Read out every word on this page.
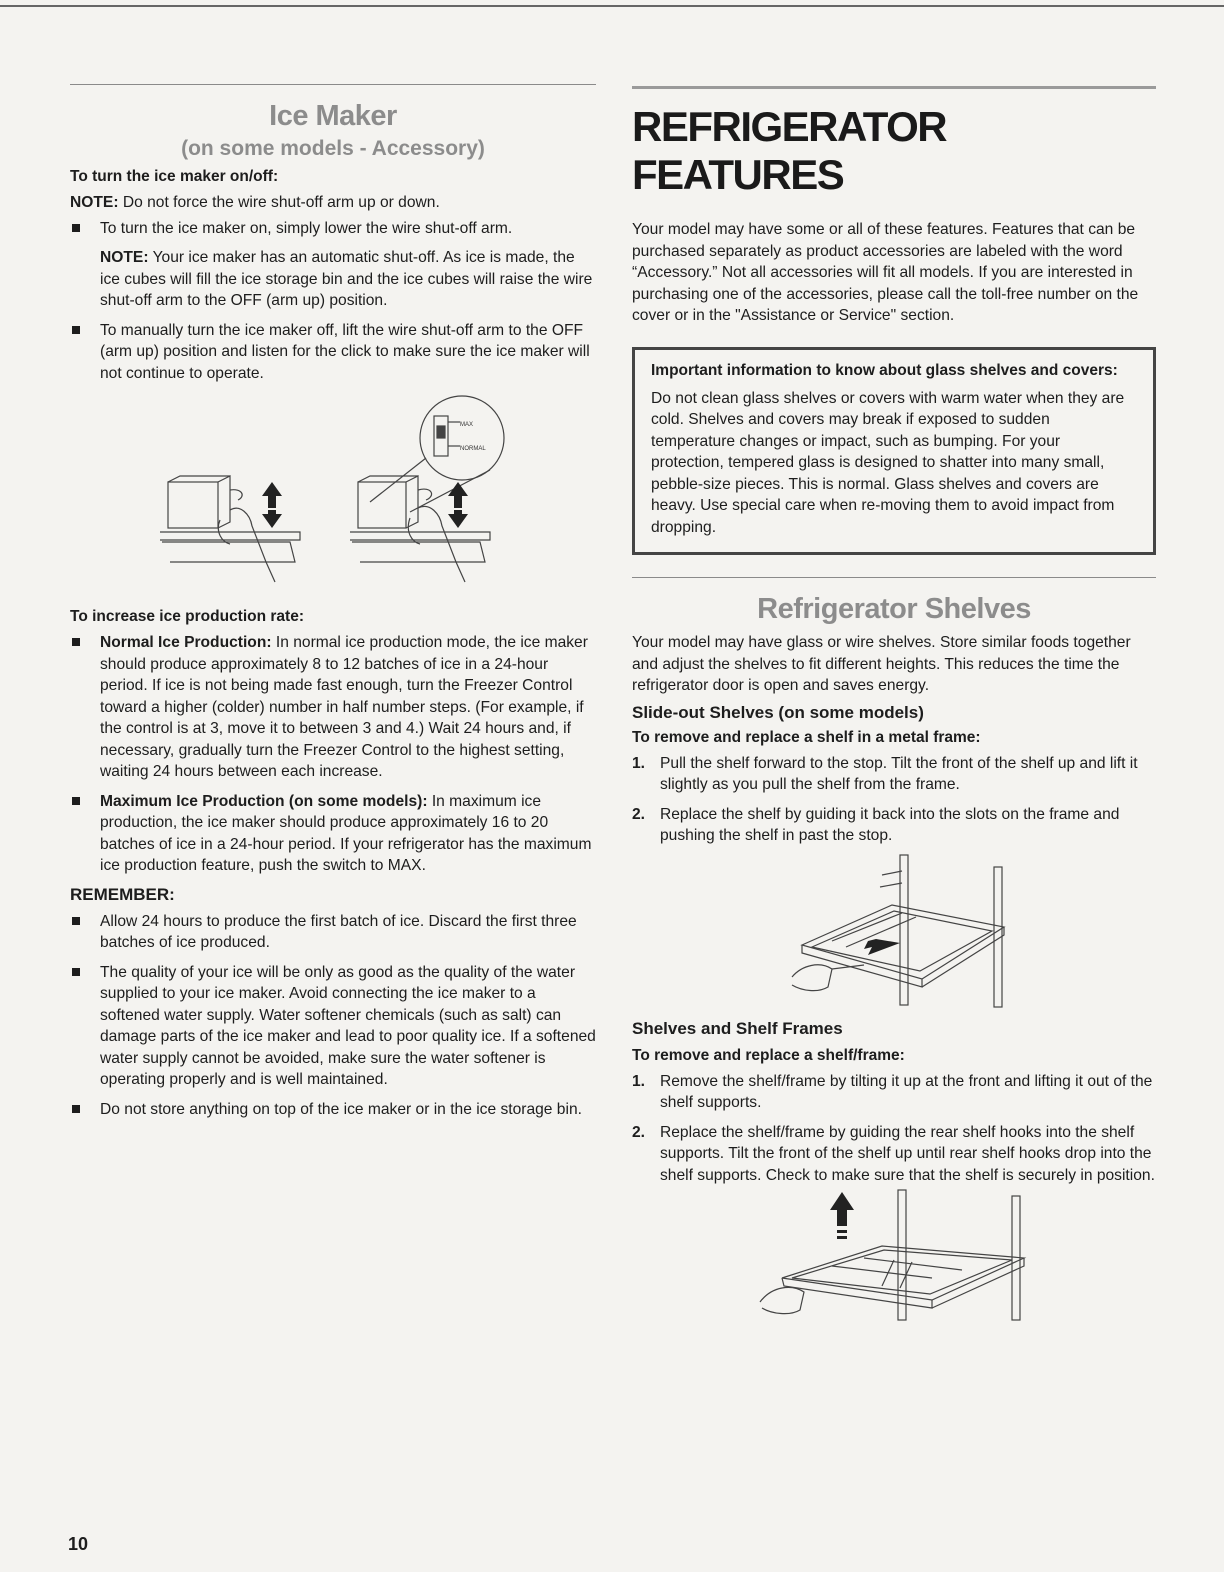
Ice Maker
(on some models - Accessory)
To turn the ice maker on/off:

NOTE: Do not force the wire shut-off arm up or down.

To turn the ice maker on, simply lower the wire shut-off arm.
NOTE: Your ice maker has an automatic shut-off. As ice is made, the ice cubes will fill the ice storage bin and the ice cubes will raise the wire shut-off arm to the OFF (arm up) position.
To manually turn the ice maker off, lift the wire shut-off arm to the OFF (arm up) position and listen for the click to make sure the ice maker will not continue to operate.
MAX
NORMAL
To increase ice production rate:
Normal Ice Production: In normal ice production mode, the ice maker should produce approximately 8 to 12 batches of ice in a 24-hour period. If ice is not being made fast enough, turn the Freezer Control toward a higher (colder) number in half number steps. (For example, if the control is at 3, move it to between 3 and 4.) Wait 24 hours and, if necessary, gradually turn the Freezer Control to the highest setting, waiting 24 hours between each increase.
Maximum Ice Production (on some models): In maximum ice production, the ice maker should produce approximately 16 to 20 batches of ice in a 24-hour period. If your refrigerator has the maximum ice production feature, push the switch to MAX.
REMEMBER:
Allow 24 hours to produce the first batch of ice. Discard the first three batches of ice produced.
The quality of your ice will be only as good as the quality of the water supplied to your ice maker. Avoid connecting the ice maker to a softened water supply. Water softener chemicals (such as salt) can damage parts of the ice maker and lead to poor quality ice. If a softened water supply cannot be avoided, make sure the water softener is operating properly and is well maintained.
Do not store anything on top of the ice maker or in the ice storage bin.
REFRIGERATOR FEATURES

Your model may have some or all of these features. Features that can be purchased separately as product accessories are labeled with the word “Accessory.” Not all accessories will fit all models. If you are interested in purchasing one of the accessories, please call the toll-free number on the cover or in the "Assistance or Service" section.

Important information to know about glass shelves and covers:

Do not clean glass shelves or covers with warm water when they are cold. Shelves and covers may break if exposed to sudden temperature changes or impact, such as bumping. For your protection, tempered glass is designed to shatter into many small, pebble-size pieces. This is normal. Glass shelves and covers are heavy. Use special care when re-moving them to avoid impact from dropping.

Refrigerator Shelves

Your model may have glass or wire shelves. Store similar foods together and adjust the shelves to fit different heights. This reduces the time the refrigerator door is open and saves energy.

Slide-out Shelves (on some models)
To remove and replace a shelf in a metal frame:
1. Pull the shelf forward to the stop. Tilt the front of the shelf up and lift it slightly as you pull the shelf from the frame.
2. Replace the shelf by guiding it back into the slots on the frame and pushing the shelf in past the stop.
Shelves and Shelf Frames
To remove and replace a shelf/frame:
1. Remove the shelf/frame by tilting it up at the front and lifting it out of the shelf supports.
2. Replace the shelf/frame by guiding the rear shelf hooks into the shelf supports. Tilt the front of the shelf up until rear shelf hooks drop into the shelf supports. Check to make sure that the shelf is securely in position.
10
